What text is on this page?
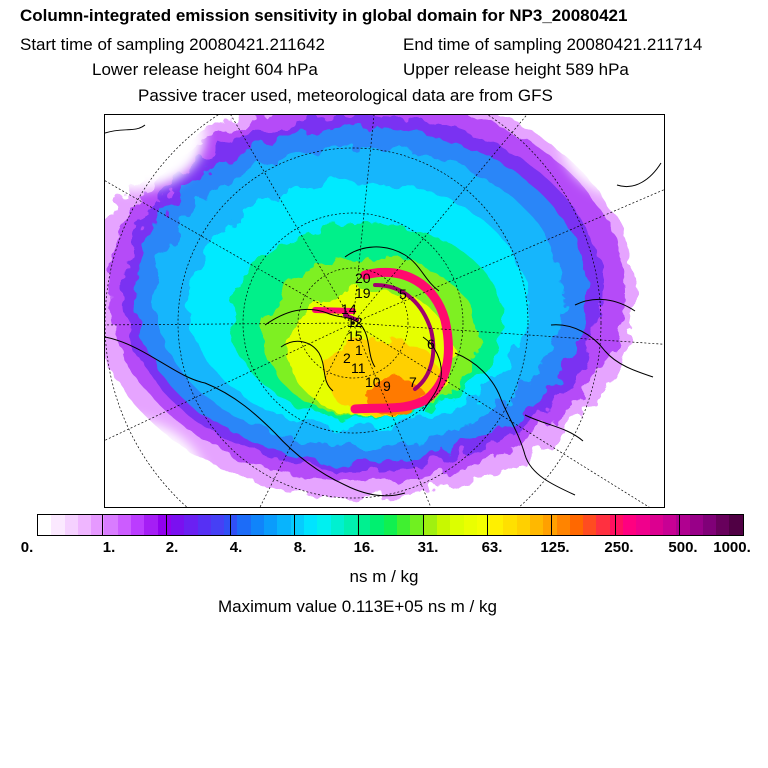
Column-integrated emission sensitivity in global domain for NP3_20080421
Start time of sampling 20080421.211642	End time of sampling 20080421.211714
Lower release height 604 hPa	Upper release height 589 hPa
Passive tracer used, meteorological data are from GFS
20
19 5
14
12
15	6
1
11
10 9 7
2
0.	1.	2.	4.	8.	16.	31.	63.	125. 250. 500. 1000.
ns m / kg
Maximum value 0.113E+05 ns m / kg
